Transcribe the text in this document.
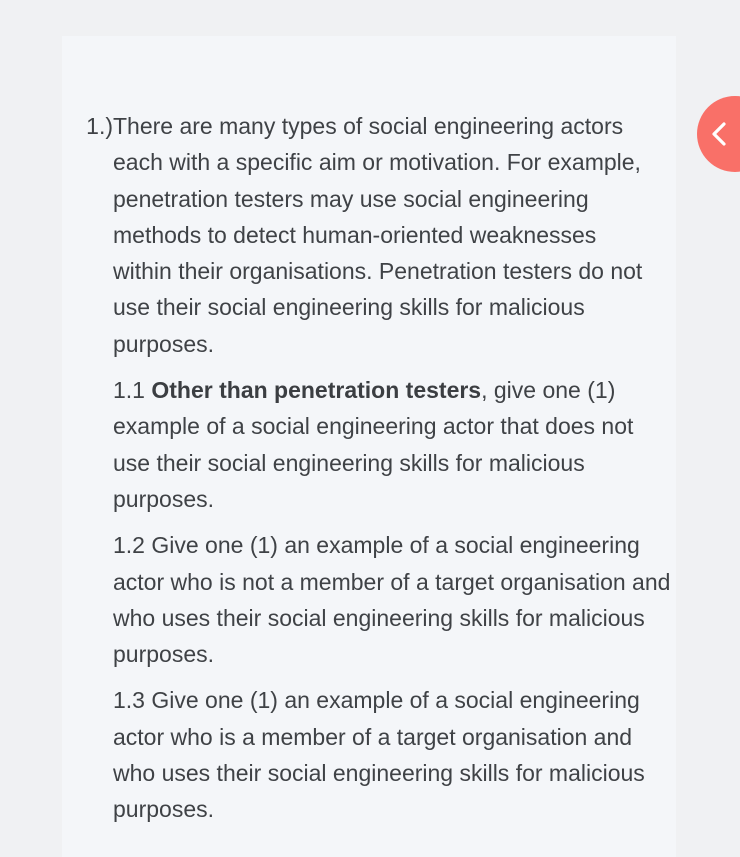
1.) There are many types of social engineering actors each with a specific aim or motivation. For example, penetration testers may use social engineering methods to detect human-oriented weaknesses within their organisations. Penetration testers do not use their social engineering skills for malicious purposes.
1.1 Other than penetration testers, give one (1) example of a social engineering actor that does not use their social engineering skills for malicious purposes.
1.2 Give one (1) an example of a social engineering actor who is not a member of a target organisation and who uses their social engineering skills for malicious purposes.
1.3 Give one (1) an example of a social engineering actor who is a member of a target organisation and who uses their social engineering skills for malicious purposes.
